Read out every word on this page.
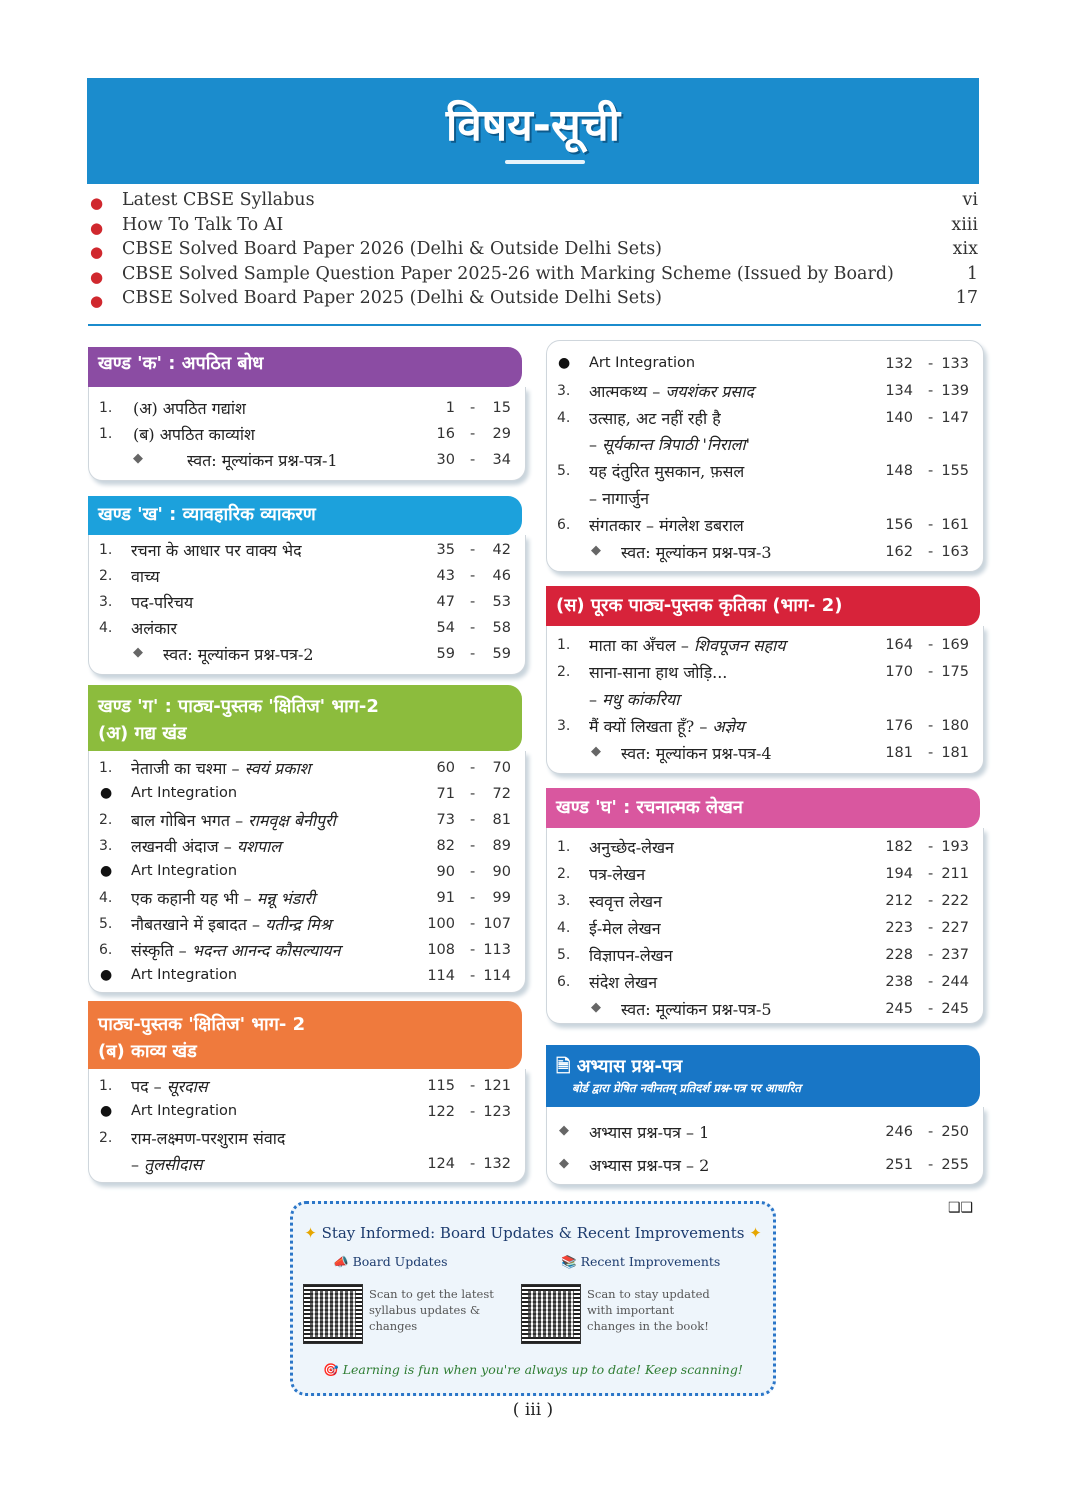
विषय-सूची
● Latest CBSE Syllabus	vi
● How To Talk To AI	xiii
● CBSE Solved Board Paper 2026 (Delhi & Outside Delhi Sets)	xix
● CBSE Solved Sample Question Paper 2025-26 with Marking Scheme (Issued by Board)	1
● CBSE Solved Board Paper 2025 (Delhi & Outside Delhi Sets)	17
खण्ड 'क' : अपठित बोध
1. (अ) अपठित गद्यांश	1 -	15
1. (ब) अपठित काव्यांश	16 -	29
◆	स्वत: मूल्यांकन प्रश्न-पत्र-1	30 -	34
खण्ड 'ख' : व्यावहारिक व्याकरण
1. रचना के आधार पर वाक्य भेद	35 -	42
2. वाच्य	43 -	46
3. पद-परिचय	47 -	53
4. अलंकार	54 -	58
◆ स्वत: मूल्यांकन प्रश्न-पत्र-2	59 -	59
खण्ड 'ग' : पाठ्य-पुस्तक 'क्षितिज' भाग-2
(अ) गद्य खंड
1. नेताजी का चश्मा – स्वयं प्रकाश	60 -	70
● Art Integration	71 -	72
2. बाल गोबिन भगत – रामवृक्ष बेनीपुरी	73 -	81
3. लखनवी अंदाज – यशपाल	82 -	89
● Art Integration	90 -	90
4. एक कहानी यह भी – मन्नू भंडारी	91 -	99
5. नौबतखाने में इबादत – यतीन्द्र मिश्र	100 - 107
6. संस्कृति – भदन्त आनन्द कौसल्यायन	108 - 113
● Art Integration	114 - 114
पाठ्य-पुस्तक 'क्षितिज' भाग- 2
(ब) काव्य खंड
1. पद – सूरदास	115 - 121
● Art Integration	122 - 123
2. राम-लक्ष्मण-परशुराम संवाद
– तुलसीदास	124 - 132
● Art Integration	132 - 133
3. आत्मकथ्य – जयशंकर प्रसाद	134 - 139
4. उत्साह, अट नहीं रही है	140 - 147
– सूर्यकान्त त्रिपाठी 'निराला'
5. यह दंतुरित मुसकान, फ़सल	148 - 155
– नागार्जुन
6. संगतकार – मंगलेश डबराल	156 - 161
◆ स्वत: मूल्यांकन प्रश्न-पत्र-3	162 - 163
(स) पूरक पाठ्य-पुस्तक कृतिका (भाग- 2)
1. माता का अँचल – शिवपूजन सहाय	164 - 169
2. साना-साना हाथ जोड़ि...	170 - 175
– मधु कांकरिया
3. मैं क्यों लिखता हूँ? – अज्ञेय	176 - 180
◆ स्वत: मूल्यांकन प्रश्न-पत्र-4	181 - 181
खण्ड 'घ' : रचनात्मक लेखन
1. अनुच्छेद-लेखन	182 - 193
2. पत्र-लेखन	194 - 211
3. स्ववृत्त लेखन	212 - 222
4. ई-मेल लेखन	223 - 227
5. विज्ञापन-लेखन	228 - 237
6. संदेश लेखन	238 - 244
◆ स्वत: मूल्यांकन प्रश्न-पत्र-5	245 - 245
🗎 अभ्यास प्रश्न-पत्र
बोर्ड द्वारा प्रेषित नवीनतम् प्रतिदर्श प्रश्न-पत्र पर आधारित
◆ अभ्यास प्रश्न-पत्र – 1	246 - 250
◆ अभ्यास प्रश्न-पत्र – 2	251 - 255
❑❑
✦ Stay Informed: Board Updates & Recent Improvements ✦
📣 Board Updates	📚 Recent Improvements
Scan to get the latest syllabus updates & changes
Scan to stay updated with important changes in the book!
🎯 Learning is fun when you're always up to date! Keep scanning!
( iii )
